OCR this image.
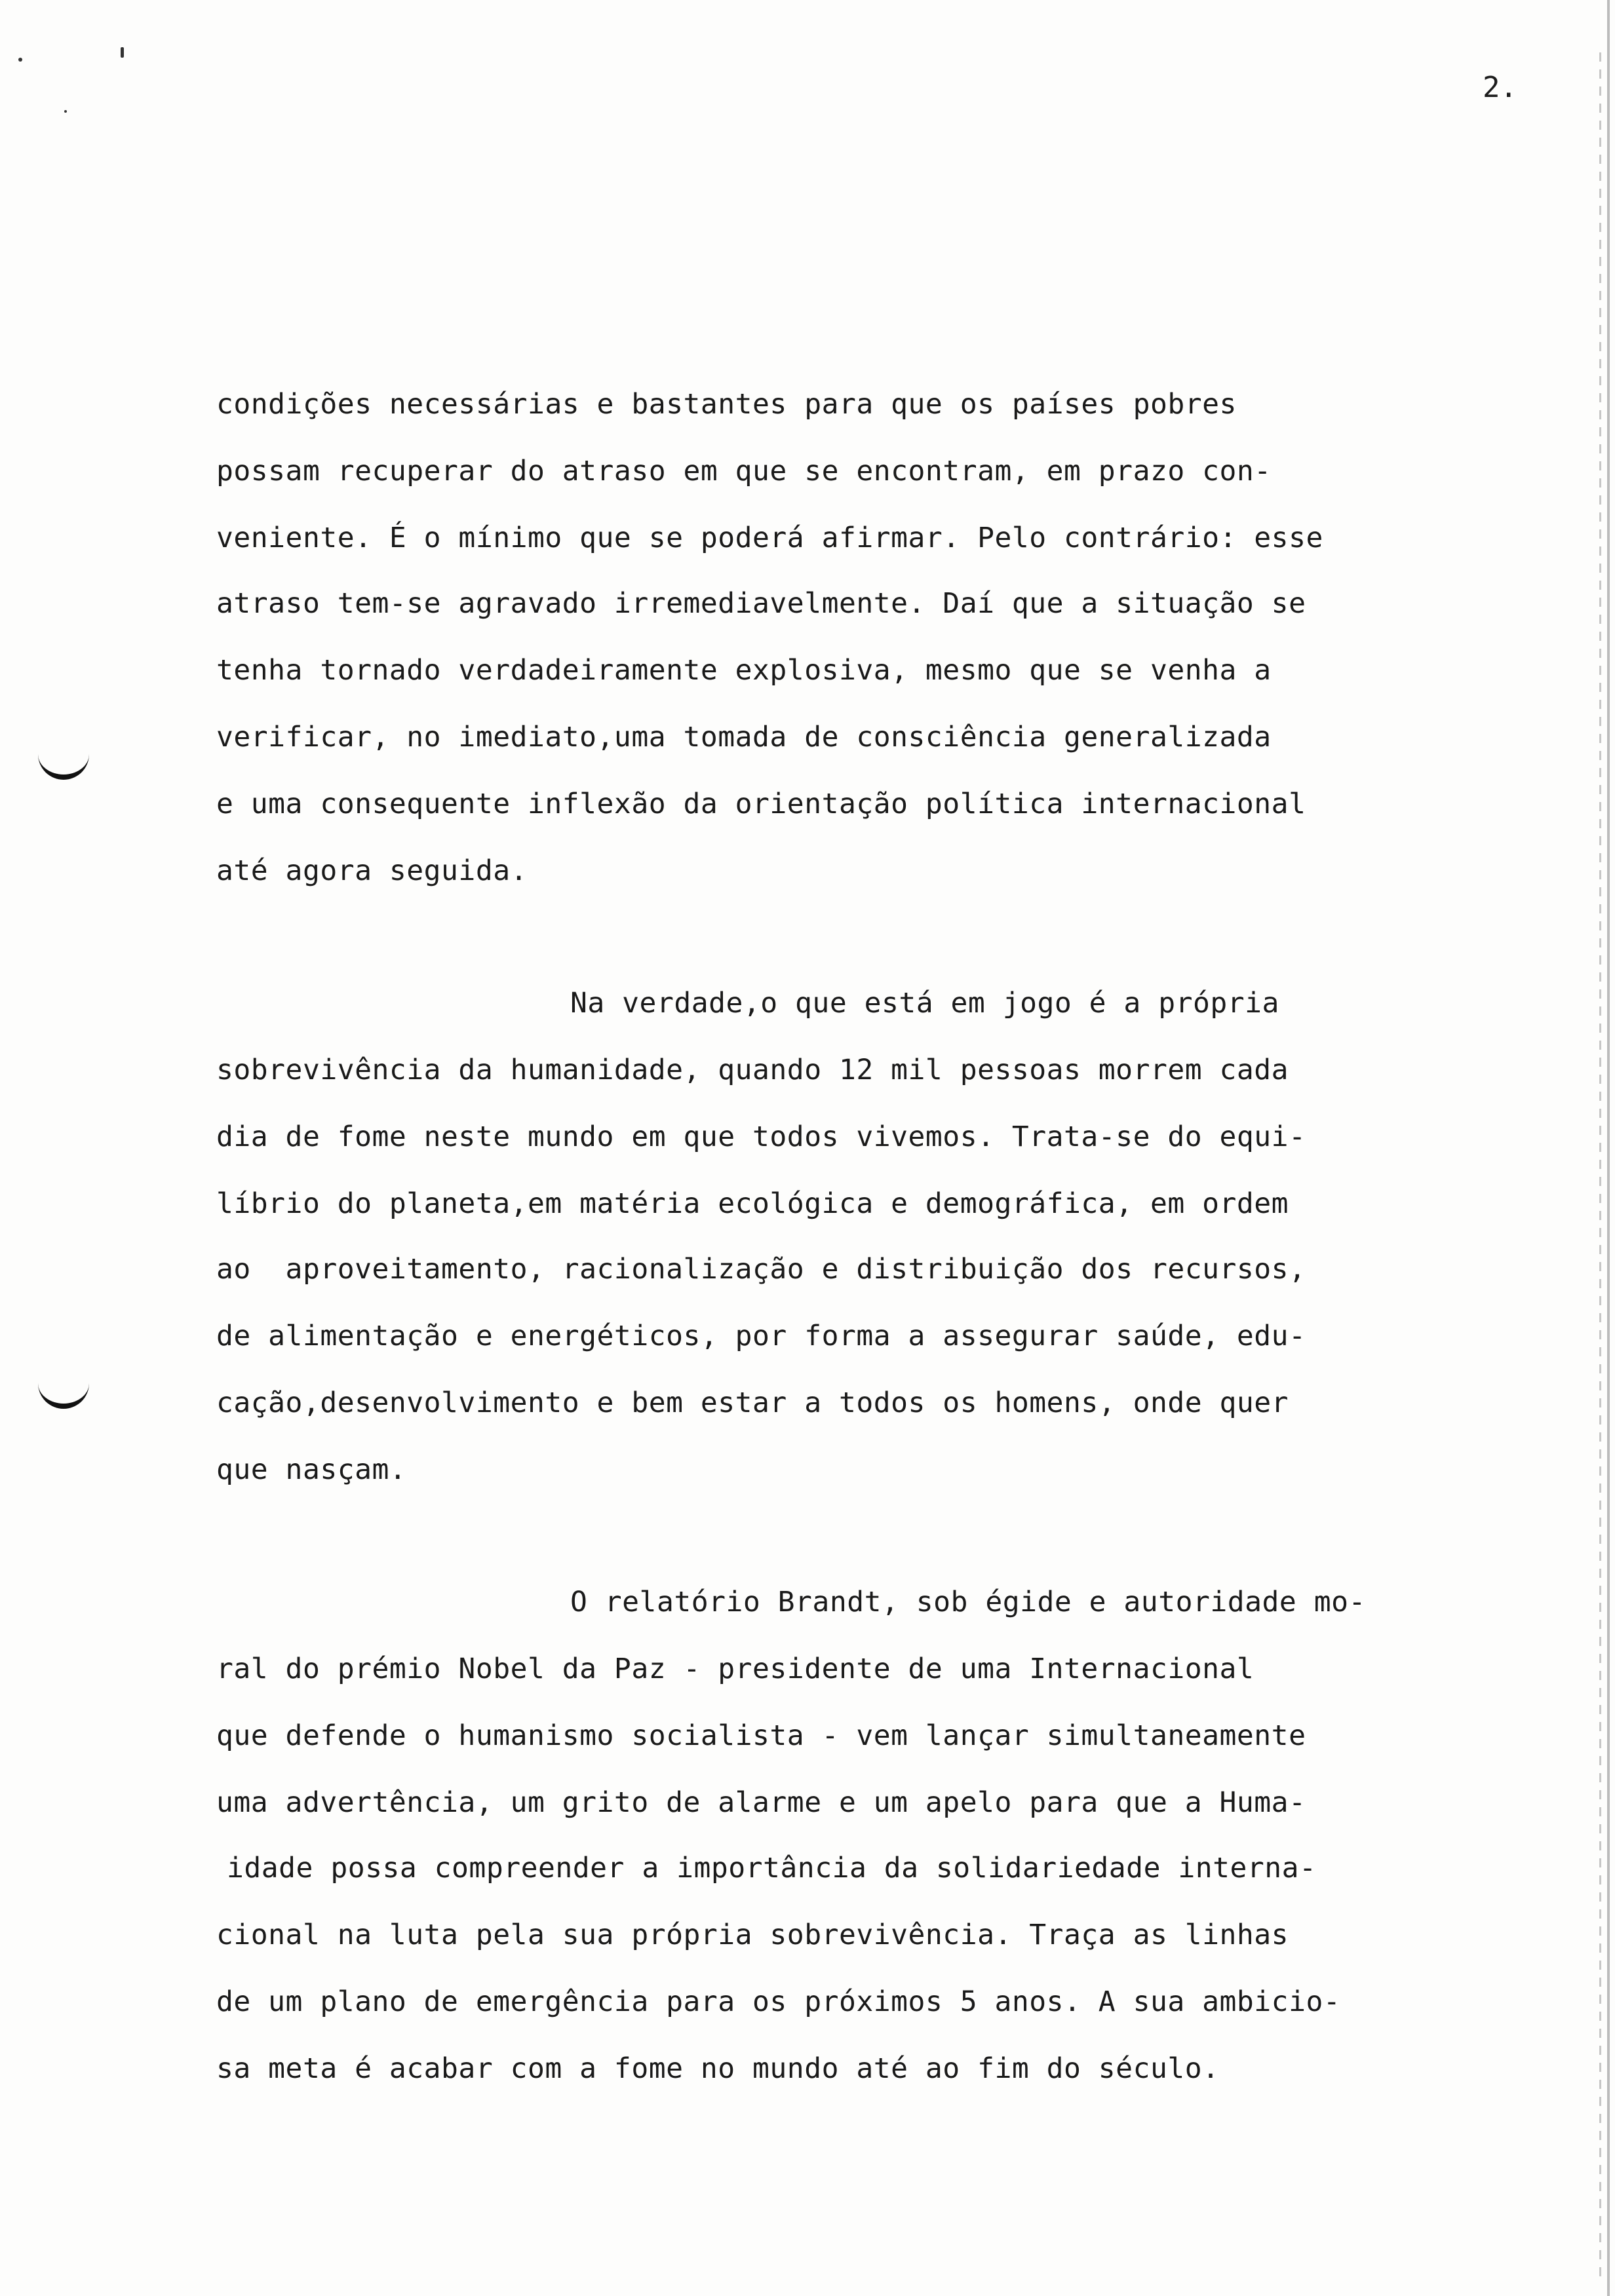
2.
condições necessárias e bastantes para que os países pobres
possam recuperar do atraso em que se encontram, em prazo con-
veniente. É o mínimo que se poderá afirmar. Pelo contrário: esse
atraso tem-se agravado irremediavelmente. Daí que a situação se
tenha tornado verdadeiramente explosiva, mesmo que se venha a
verificar, no imediato,uma tomada de consciência generalizada
e uma consequente inflexão da orientação política internacional
até agora seguida.
Na verdade,o que está em jogo é a própria
sobrevivência da humanidade, quando 12 mil pessoas morrem cada
dia de fome neste mundo em que todos vivemos. Trata-se do equi-
líbrio do planeta,em matéria ecológica e demográfica, em ordem
ao  aproveitamento, racionalização e distribuição dos recursos,
de alimentação e energéticos, por forma a assegurar saúde, edu-
cação,desenvolvimento e bem estar a todos os homens, onde quer
que nasçam.
O relatório Brandt, sob égide e autoridade mo-
ral do prémio Nobel da Paz - presidente de uma Internacional
que defende o humanismo socialista - vem lançar simultaneamente
uma advertência, um grito de alarme e um apelo para que a Huma-
idade possa compreender a importância da solidariedade interna-
cional na luta pela sua própria sobrevivência. Traça as linhas
de um plano de emergência para os próximos 5 anos. A sua ambicio-
sa meta é acabar com a fome no mundo até ao fim do século.
